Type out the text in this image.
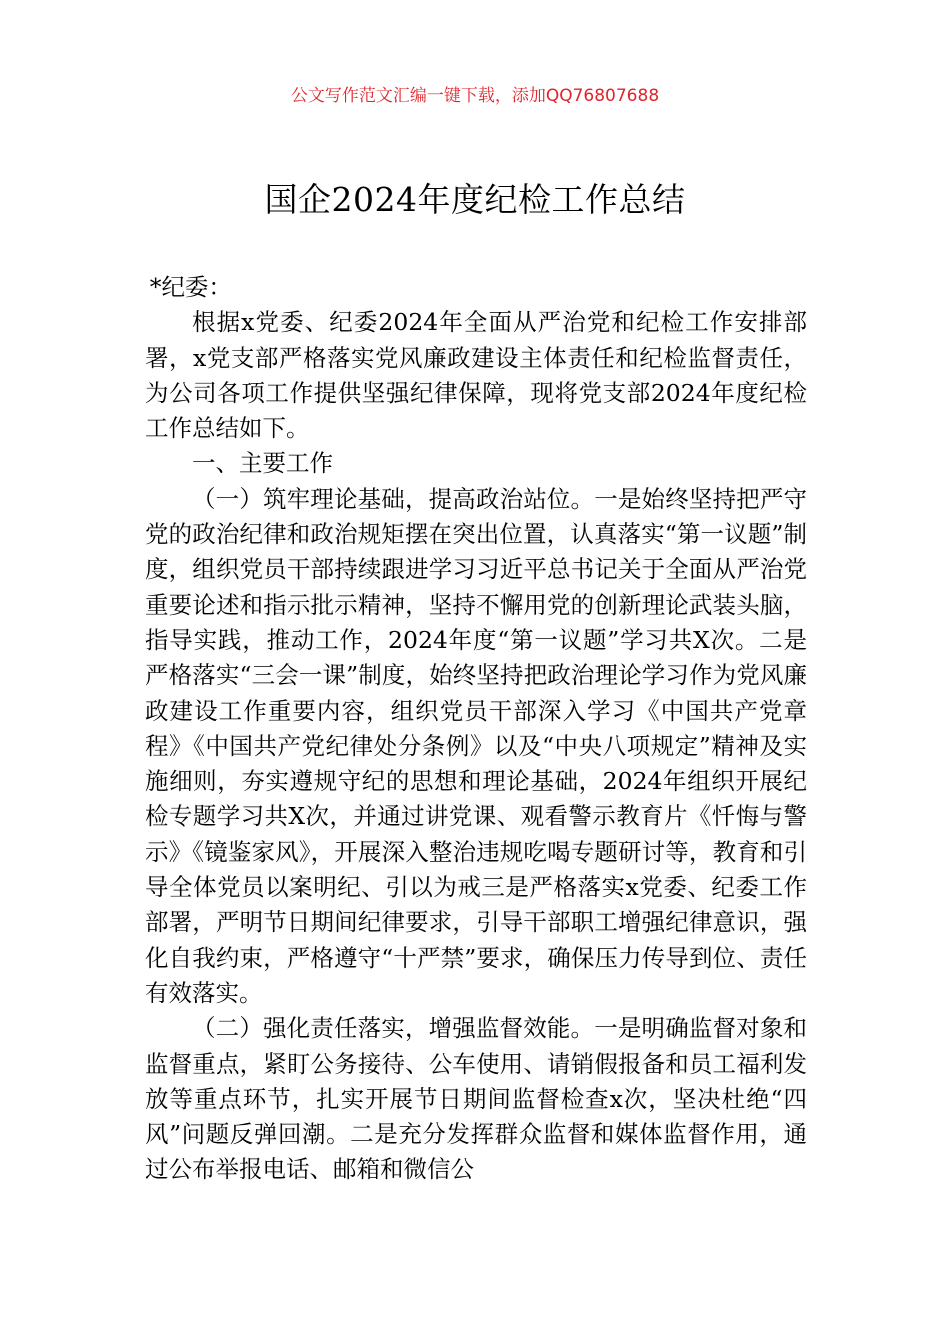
公文写作范文汇编一键下载，添加QQ76807688
国企2024年度纪检工作总结

*纪委：

根据x党委、纪委2024年全面从严治党和纪检工作安排部署，x党支部严格落实党风廉政建设主体责任和纪检监督责任，为公司各项工作提供坚强纪律保障，现将党支部2024年度纪检工作总结如下。

一、主要工作

（一）筑牢理论基础，提高政治站位。一是始终坚持把严守党的政治纪律和政治规矩摆在突出位置，认真落实“第一议题”制度，组织党员干部持续跟进学习习近平总书记关于全面从严治党重要论述和指示批示精神，坚持不懈用党的创新理论武装头脑，指导实践，推动工作，2024年度“第一议题”学习共X次。二是严格落实“三会一课”制度，始终坚持把政治理论学习作为党风廉政建设工作重要内容，组织党员干部深入学习《中国共产党章程》《中国共产党纪律处分条例》以及“中央八项规定”精神及实施细则，夯实遵规守纪的思想和理论基础，2024年组织开展纪检专题学习共X次，并通过讲党课、观看警示教育片《忏悔与警示》《镜鉴家风》，开展深入整治违规吃喝专题研讨等，教育和引导全体党员以案明纪、引以为戒三是严格落实x党委、纪委工作部署，严明节日期间纪律要求，引导干部职工增强纪律意识，强化自我约束，严格遵守“十严禁”要求，确保压力传导到位、责任有效落实。

（二）强化责任落实，增强监督效能。一是明确监督对象和监督重点，紧盯公务接待、公车使用、请销假报备和员工福利发放等重点环节，扎实开展节日期间监督检查x次，坚决杜绝“四风”问题反弹回潮。二是充分发挥群众监督和媒体监督作用，通过公布举报电话、邮箱和微信公
